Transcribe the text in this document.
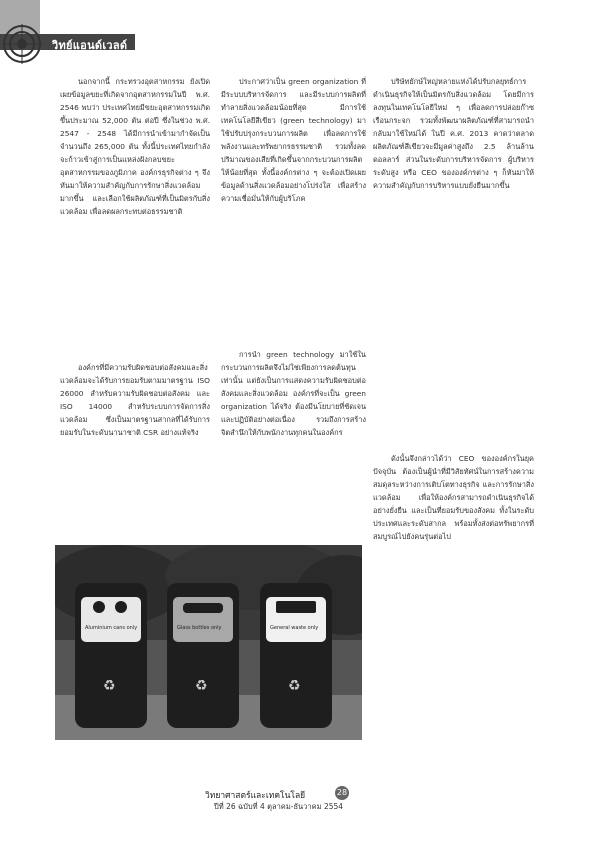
วิทย์แอนด์เวลด์

นอกจากนี้ กระทรวงอุตสาหกรรม ยังเปิดเผยข้อมูลขยะที่เกิดจากอุตสาหกรรมในปี พ.ศ. 2546 พบว่า ประเทศไทยมีขยะอุตสาหกรรมเกิดขึ้นประมาณ 52,000 ตัน ต่อปี ซึ่งในช่วง พ.ศ. 2547 - 2548 ได้มีการนำเข้ามากำจัดเป็นจำนวนถึง 265,000 ตัน ทั้งนี้ประเทศไทยกำลังจะก้าวเข้าสู่การเป็นแหล่งฝังกลบขยะอุตสาหกรรมของภูมิภาค องค์กรธุรกิจต่าง ๆ จึงหันมาให้ความสำคัญกับการรักษาสิ่งแวดล้อมมากขึ้น และเลือกใช้ผลิตภัณฑ์ที่เป็นมิตรกับสิ่งแวดล้อม เพื่อลดผลกระทบต่อธรรมชาติ

องค์กรที่มีความรับผิดชอบต่อสังคมและสิ่งแวดล้อมจะได้รับการยอมรับตามมาตรฐาน ISO 26000 สำหรับความรับผิดชอบต่อสังคม และ ISO 14000 สำหรับระบบการจัดการสิ่งแวดล้อม ซึ่งเป็นมาตรฐานสากลที่ได้รับการยอมรับในระดับนานาชาติ CSR อย่างแท้จริง

ประกาศว่าเป็น green organization ที่มีระบบบริหารจัดการ และมีระบบการผลิตที่ทำลายสิ่งแวดล้อมน้อยที่สุด มีการใช้เทคโนโลยีสีเขียว (green technology) มาใช้ปรับปรุงกระบวนการผลิต เพื่อลดการใช้พลังงานและทรัพยากรธรรมชาติ รวมทั้งลดปริมาณของเสียที่เกิดขึ้นจากกระบวนการผลิตให้น้อยที่สุด ทั้งนี้องค์กรต่าง ๆ จะต้องเปิดเผยข้อมูลด้านสิ่งแวดล้อมอย่างโปร่งใส เพื่อสร้างความเชื่อมั่นให้กับผู้บริโภค

การนำ green technology มาใช้ในกระบวนการผลิตจึงไม่ใช่เพียงการลดต้นทุนเท่านั้น แต่ยังเป็นการแสดงความรับผิดชอบต่อสังคมและสิ่งแวดล้อม องค์กรที่จะเป็น green organization ได้จริง ต้องมีนโยบายที่ชัดเจน และปฏิบัติอย่างต่อเนื่อง รวมถึงการสร้างจิตสำนึกให้กับพนักงานทุกคนในองค์กร

บริษัทยักษ์ใหญ่หลายแห่งได้ปรับกลยุทธ์การดำเนินธุรกิจให้เป็นมิตรกับสิ่งแวดล้อม โดยมีการลงทุนในเทคโนโลยีใหม่ ๆ เพื่อลดการปล่อยก๊าซเรือนกระจก รวมทั้งพัฒนาผลิตภัณฑ์ที่สามารถนำกลับมาใช้ใหม่ได้ ในปี ค.ศ. 2013 คาดว่าตลาดผลิตภัณฑ์สีเขียวจะมีมูลค่าสูงถึง 2.5 ล้านล้านดอลลาร์ ส่วนในระดับการบริหารจัดการ ผู้บริหารระดับสูง หรือ CEO ขององค์กรต่าง ๆ ก็หันมาให้ความสำคัญกับการบริหารแบบยั่งยืนมากขึ้น

ดังนั้นจึงกล่าวได้ว่า CEO ขององค์กรในยุคปัจจุบัน ต้องเป็นผู้นำที่มีวิสัยทัศน์ในการสร้างความสมดุลระหว่างการเติบโตทางธุรกิจ และการรักษาสิ่งแวดล้อม เพื่อให้องค์กรสามารถดำเนินธุรกิจได้อย่างยั่งยืน และเป็นที่ยอมรับของสังคม ทั้งในระดับประเทศและระดับสากล พร้อมทั้งส่งต่อทรัพยากรที่สมบูรณ์ไปยังคนรุ่นต่อไป

Aluminium cans only
♻
Glass bottles only
♻
General waste only
♻
วิทยาศาสตร์และเทคโนโลยี	28
ปีที่ 26 ฉบับที่ 4 ตุลาคม-ธันวาคม 2554
